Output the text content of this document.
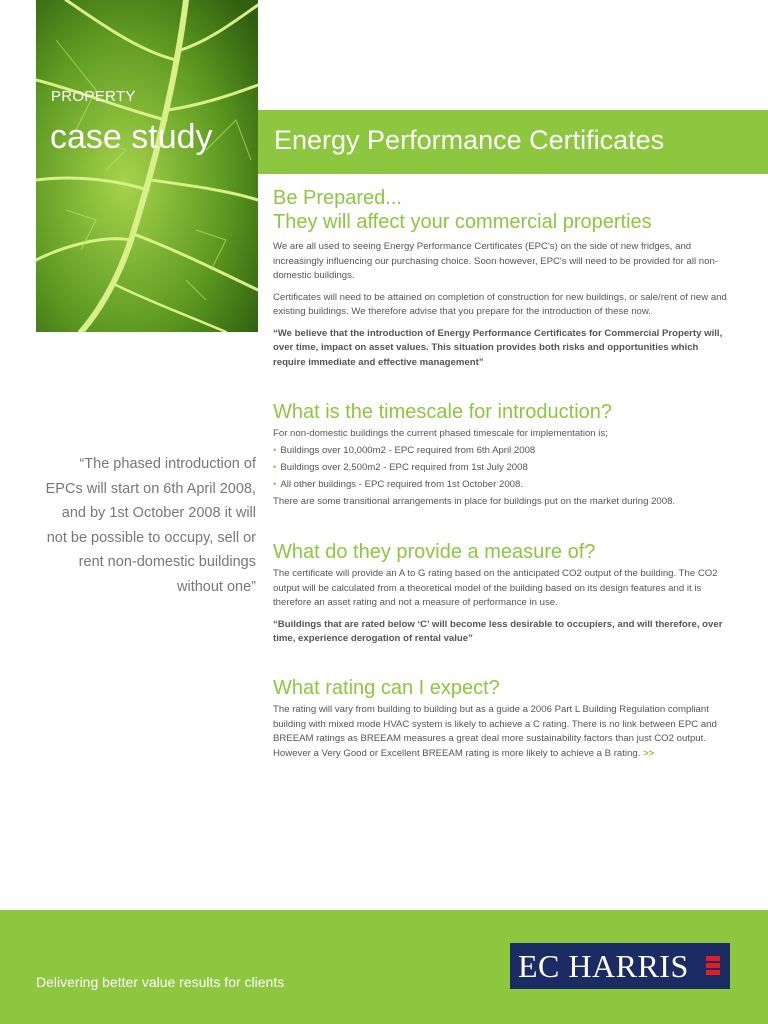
PROPERTY
case study Energy Performance Certificates
Be Prepared...
They will affect your commercial properties

We are all used to seeing Energy Performance Certificates (EPC's) on the side of new fridges, and increasingly influencing our purchasing choice. Soon however, EPC's will need to be provided for all non-domestic buildings.

Certificates will need to be attained on completion of construction for new buildings, or sale/rent of new and existing buildings. We therefore advise that you prepare for the introduction of these now.

“We believe that the introduction of Energy Performance Certificates for Commercial Property will, over time, impact on asset values. This situation provides both risks and opportunities which require immediate and effective management”

What is the timescale for introduction?

For non-domestic buildings the current phased timescale for implementation is;

• Buildings over 10,000m2 - EPC required from 6th April 2008
• Buildings over 2,500m2 - EPC required from 1st July 2008
• All other buildings - EPC required from 1st October 2008.

There are some transitional arrangements in place for buildings put on the market during 2008.

What do they provide a measure of?

The certificate will provide an A to G rating based on the anticipated CO2 output of the building. The CO2 output will be calculated from a theoretical model of the building based on its design features and it is therefore an asset rating and not a measure of performance in use.

“Buildings that are rated below ‘C’ will become less desirable to occupiers, and will therefore, over time, experience derogation of rental value”

What rating can I expect?

The rating will vary from building to building but as a guide a 2006 Part L Building Regulation compliant building with mixed mode HVAC system is likely to achieve a C rating. There is no link between EPC and BREEAM ratings as BREEAM measures a great deal more sustainability factors than just CO2 output. However a Very Good or Excellent BREEAM rating is more likely to achieve a B rating. >>

“The phased introduction of EPCs will start on 6th April 2008, and by 1st October 2008 it will not be possible to occupy, sell or rent non-domestic buildings without one”
Delivering better value results for clients	EC HARRIS
